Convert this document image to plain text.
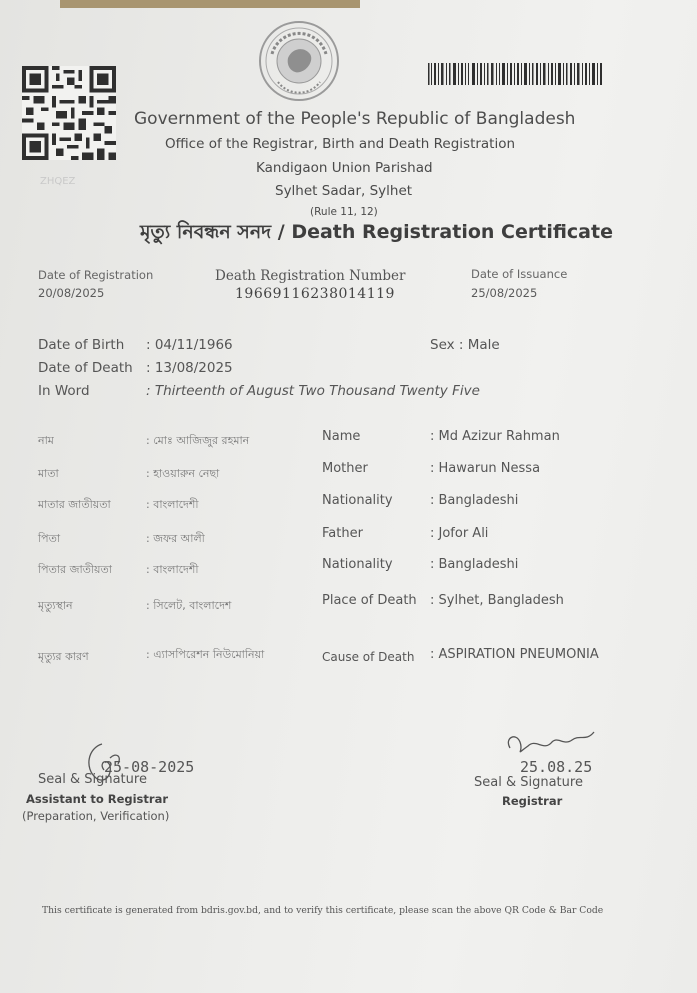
ZHQEZ
Government of the People's Republic of Bangladesh
Office of the Registrar, Birth and Death Registration
Kandigaon Union Parishad
Sylhet Sadar, Sylhet
(Rule 11, 12)
মৃত্যু নিবন্ধন সনদ / Death Registration Certificate
Date of Registration
20/08/2025
Death Registration Number
19669116238014119
Date of Issuance
25/08/2025
Date of Birth : 04/11/1966	Sex : Male
Date of Death : 13/08/2025
In Word	: Thirteenth of August Two Thousand Twenty Five
নাম	: মোঃ আজিজুর রহমান	Name	: Md Azizur Rahman
মাতা	: হাওয়ারুন নেছা	Mother	: Hawarun Nessa
মাতার জাতীয়তা	: বাংলাদেশী	Nationality	: Bangladeshi
পিতা	: জফর আলী	Father	: Jofor Ali
পিতার জাতীয়তা	: বাংলাদেশী	Nationality	: Bangladeshi
মৃত্যুস্থান	: সিলেট, বাংলাদেশ	Place of Death : Sylhet, Bangladesh
মৃত্যুর কারণ	: এ্যাসপিরেশন নিউমোনিয়া	Cause of Death : ASPIRATION PNEUMONIA
25-08-2025
Seal & Signature
Assistant to Registrar
(Preparation, Verification)
25.08.25
Seal & Signature
Registrar
This certificate is generated from bdris.gov.bd, and to verify this certificate, please scan the above QR Code & Bar Code
